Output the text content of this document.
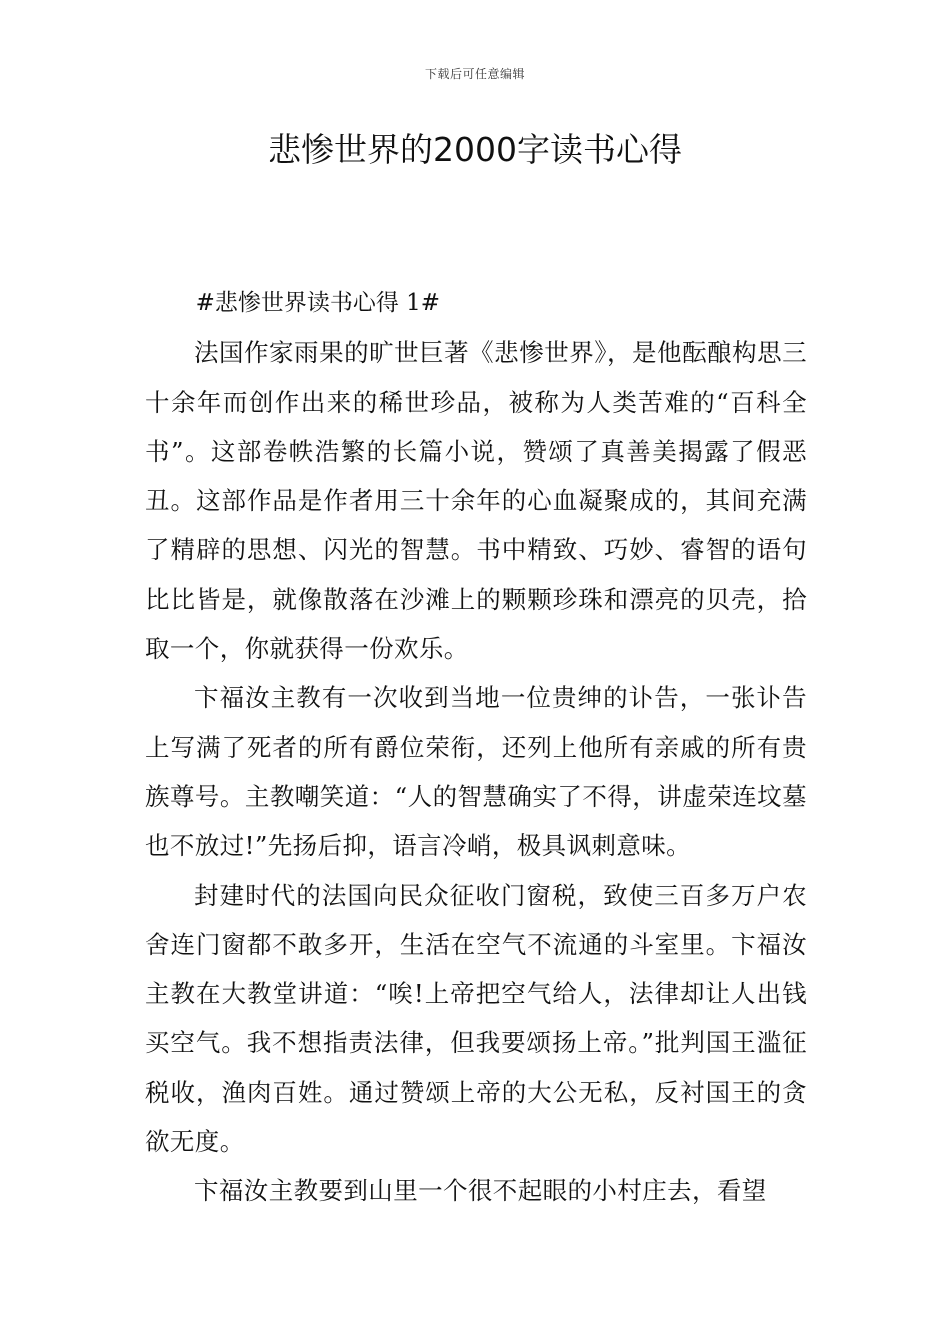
下载后可任意编辑
悲惨世界的2000字读书心得

#悲惨世界读书心得 1#

法国作家雨果的旷世巨著《悲惨世界》，是他酝酿构思三十余年而创作出来的稀世珍品，被称为人类苦难的“百科全书”。这部卷帙浩繁的长篇小说，赞颂了真善美揭露了假恶丑。这部作品是作者用三十余年的心血凝聚成的，其间充满了精辟的思想、闪光的智慧。书中精致、巧妙、睿智的语句比比皆是，就像散落在沙滩上的颗颗珍珠和漂亮的贝壳，拾取一个，你就获得一份欢乐。

卞福汝主教有一次收到当地一位贵绅的讣告，一张讣告上写满了死者的所有爵位荣衔，还列上他所有亲戚的所有贵族尊号。主教嘲笑道：“人的智慧确实了不得，讲虚荣连坟墓也不放过!”先扬后抑，语言冷峭，极具讽刺意味。

封建时代的法国向民众征收门窗税，致使三百多万户农舍连门窗都不敢多开，生活在空气不流通的斗室里。卞福汝主教在大教堂讲道：“唉!上帝把空气给人，法律却让人出钱买空气。我不想指责法律，但我要颂扬上帝。”批判国王滥征税收，渔肉百姓。通过赞颂上帝的大公无私，反衬国王的贪欲无度。

卞福汝主教要到山里一个很不起眼的小村庄去，看望
